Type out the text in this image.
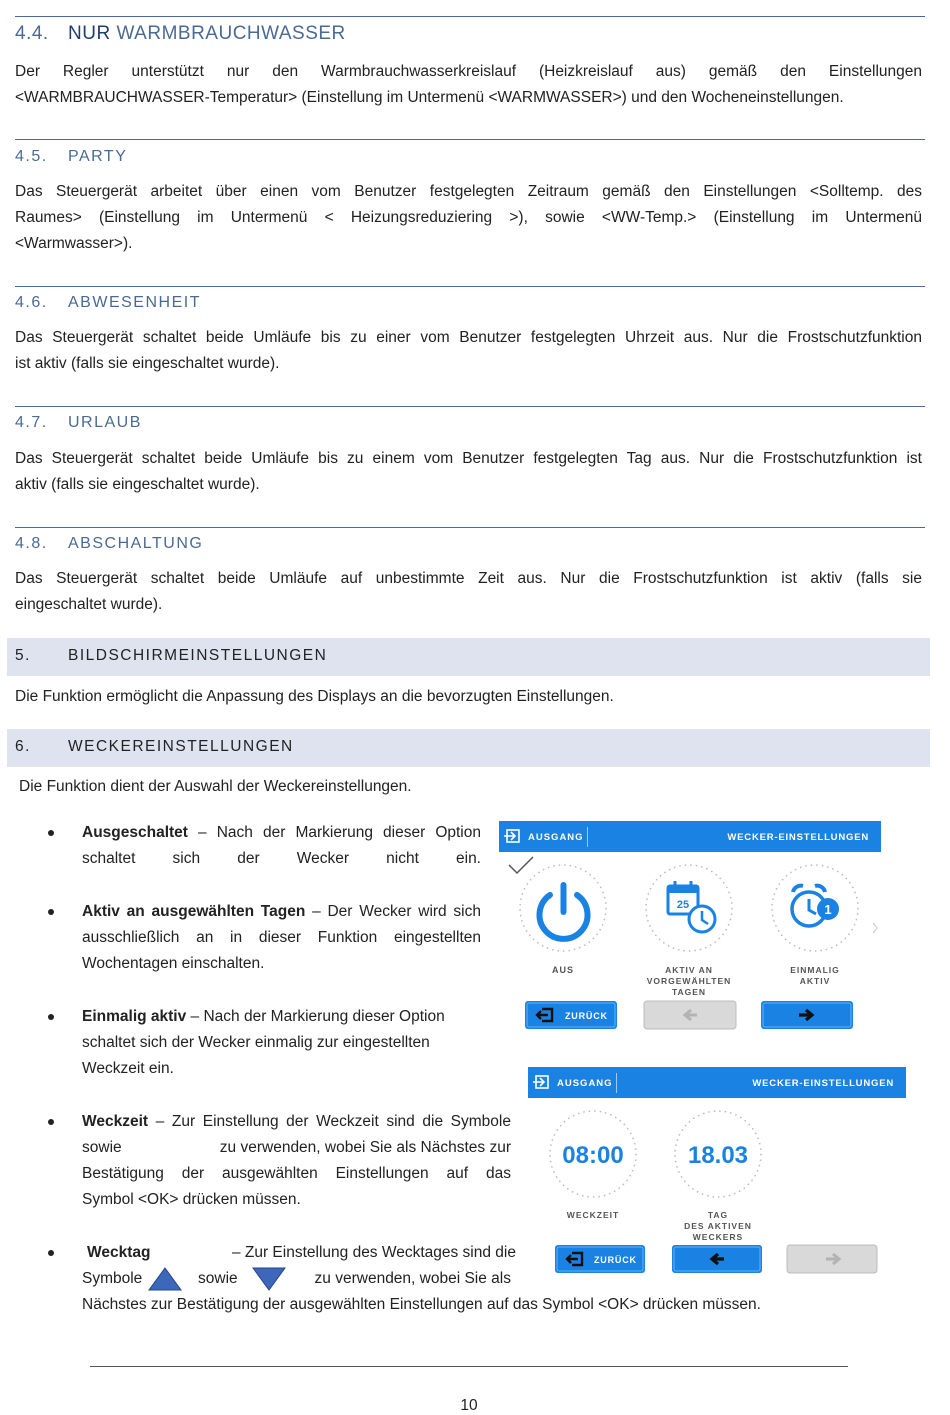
4.4. NUR WARMBRAUCHWASSER
Der Regler unterstützt nur den Warmbrauchwasserkreislauf (Heizkreislauf aus) gemäß den Einstellungen
<WARMBRAUCHWASSER-Temperatur> (Einstellung im Untermenü <WARMWASSER>) und den Wocheneinstellungen.
4.5. PARTY
Das Steuergerät arbeitet über einen vom Benutzer festgelegten Zeitraum gemäß den Einstellungen <Solltemp. des
Raumes> (Einstellung im Untermenü < Heizungsreduziering >), sowie <WW-Temp.> (Einstellung im Untermenü
<Warmwasser>).
4.6. ABWESENHEIT
Das Steuergerät schaltet beide Umläufe bis zu einer vom Benutzer festgelegten Uhrzeit aus. Nur die Frostschutzfunktion
ist aktiv (falls sie eingeschaltet wurde).
4.7. URLAUB
Das Steuergerät schaltet beide Umläufe bis zu einem vom Benutzer festgelegten Tag aus. Nur die Frostschutzfunktion ist
aktiv (falls sie eingeschaltet wurde).
4.8. ABSCHALTUNG
Das Steuergerät schaltet beide Umläufe auf unbestimmte Zeit aus. Nur die Frostschutzfunktion ist aktiv (falls sie
eingeschaltet wurde).
5. BILDSCHIRMEINSTELLUNGEN
Die Funktion ermöglicht die Anpassung des Displays an die bevorzugten Einstellungen.
6. WECKEREINSTELLUNGEN
Die Funktion dient der Auswahl der Weckereinstellungen.
Ausgeschaltet – Nach der Markierung dieser Option
schaltet sich der Wecker nicht ein.
Aktiv an ausgewählten Tagen – Der Wecker wird sich
ausschließlich an in dieser Funktion eingestellten
Wochentagen einschalten.
Einmalig aktiv – Nach der Markierung dieser Option
schaltet sich der Wecker einmalig zur eingestellten
Weckzeit ein.
Weckzeit – Zur Einstellung der Weckzeit sind die Symbole
sowie	zu verwenden, wobei Sie als Nächstes zur
Bestätigung der ausgewählten Einstellungen auf das
Symbol <OK> drücken müssen.
Wecktag	– Zur Einstellung des Wecktages sind die
Symbole	sowie	zu verwenden, wobei Sie als
Nächstes zur Bestätigung der ausgewählten Einstellungen auf das Symbol <OK> drücken müssen.
AUSGANG	WECKER-EINSTELLUNGEN
AUS
25
AKTIV AN
VORGEWÄHLTEN
TAGEN
1
EINMALIG
AKTIV
ZURÜCK
AUSGANG	WECKER-EINSTELLUNGEN
08:00
WECKZEIT
18.03
TAG
DES AKTIVEN
WECKERS
ZURÜCK
10
